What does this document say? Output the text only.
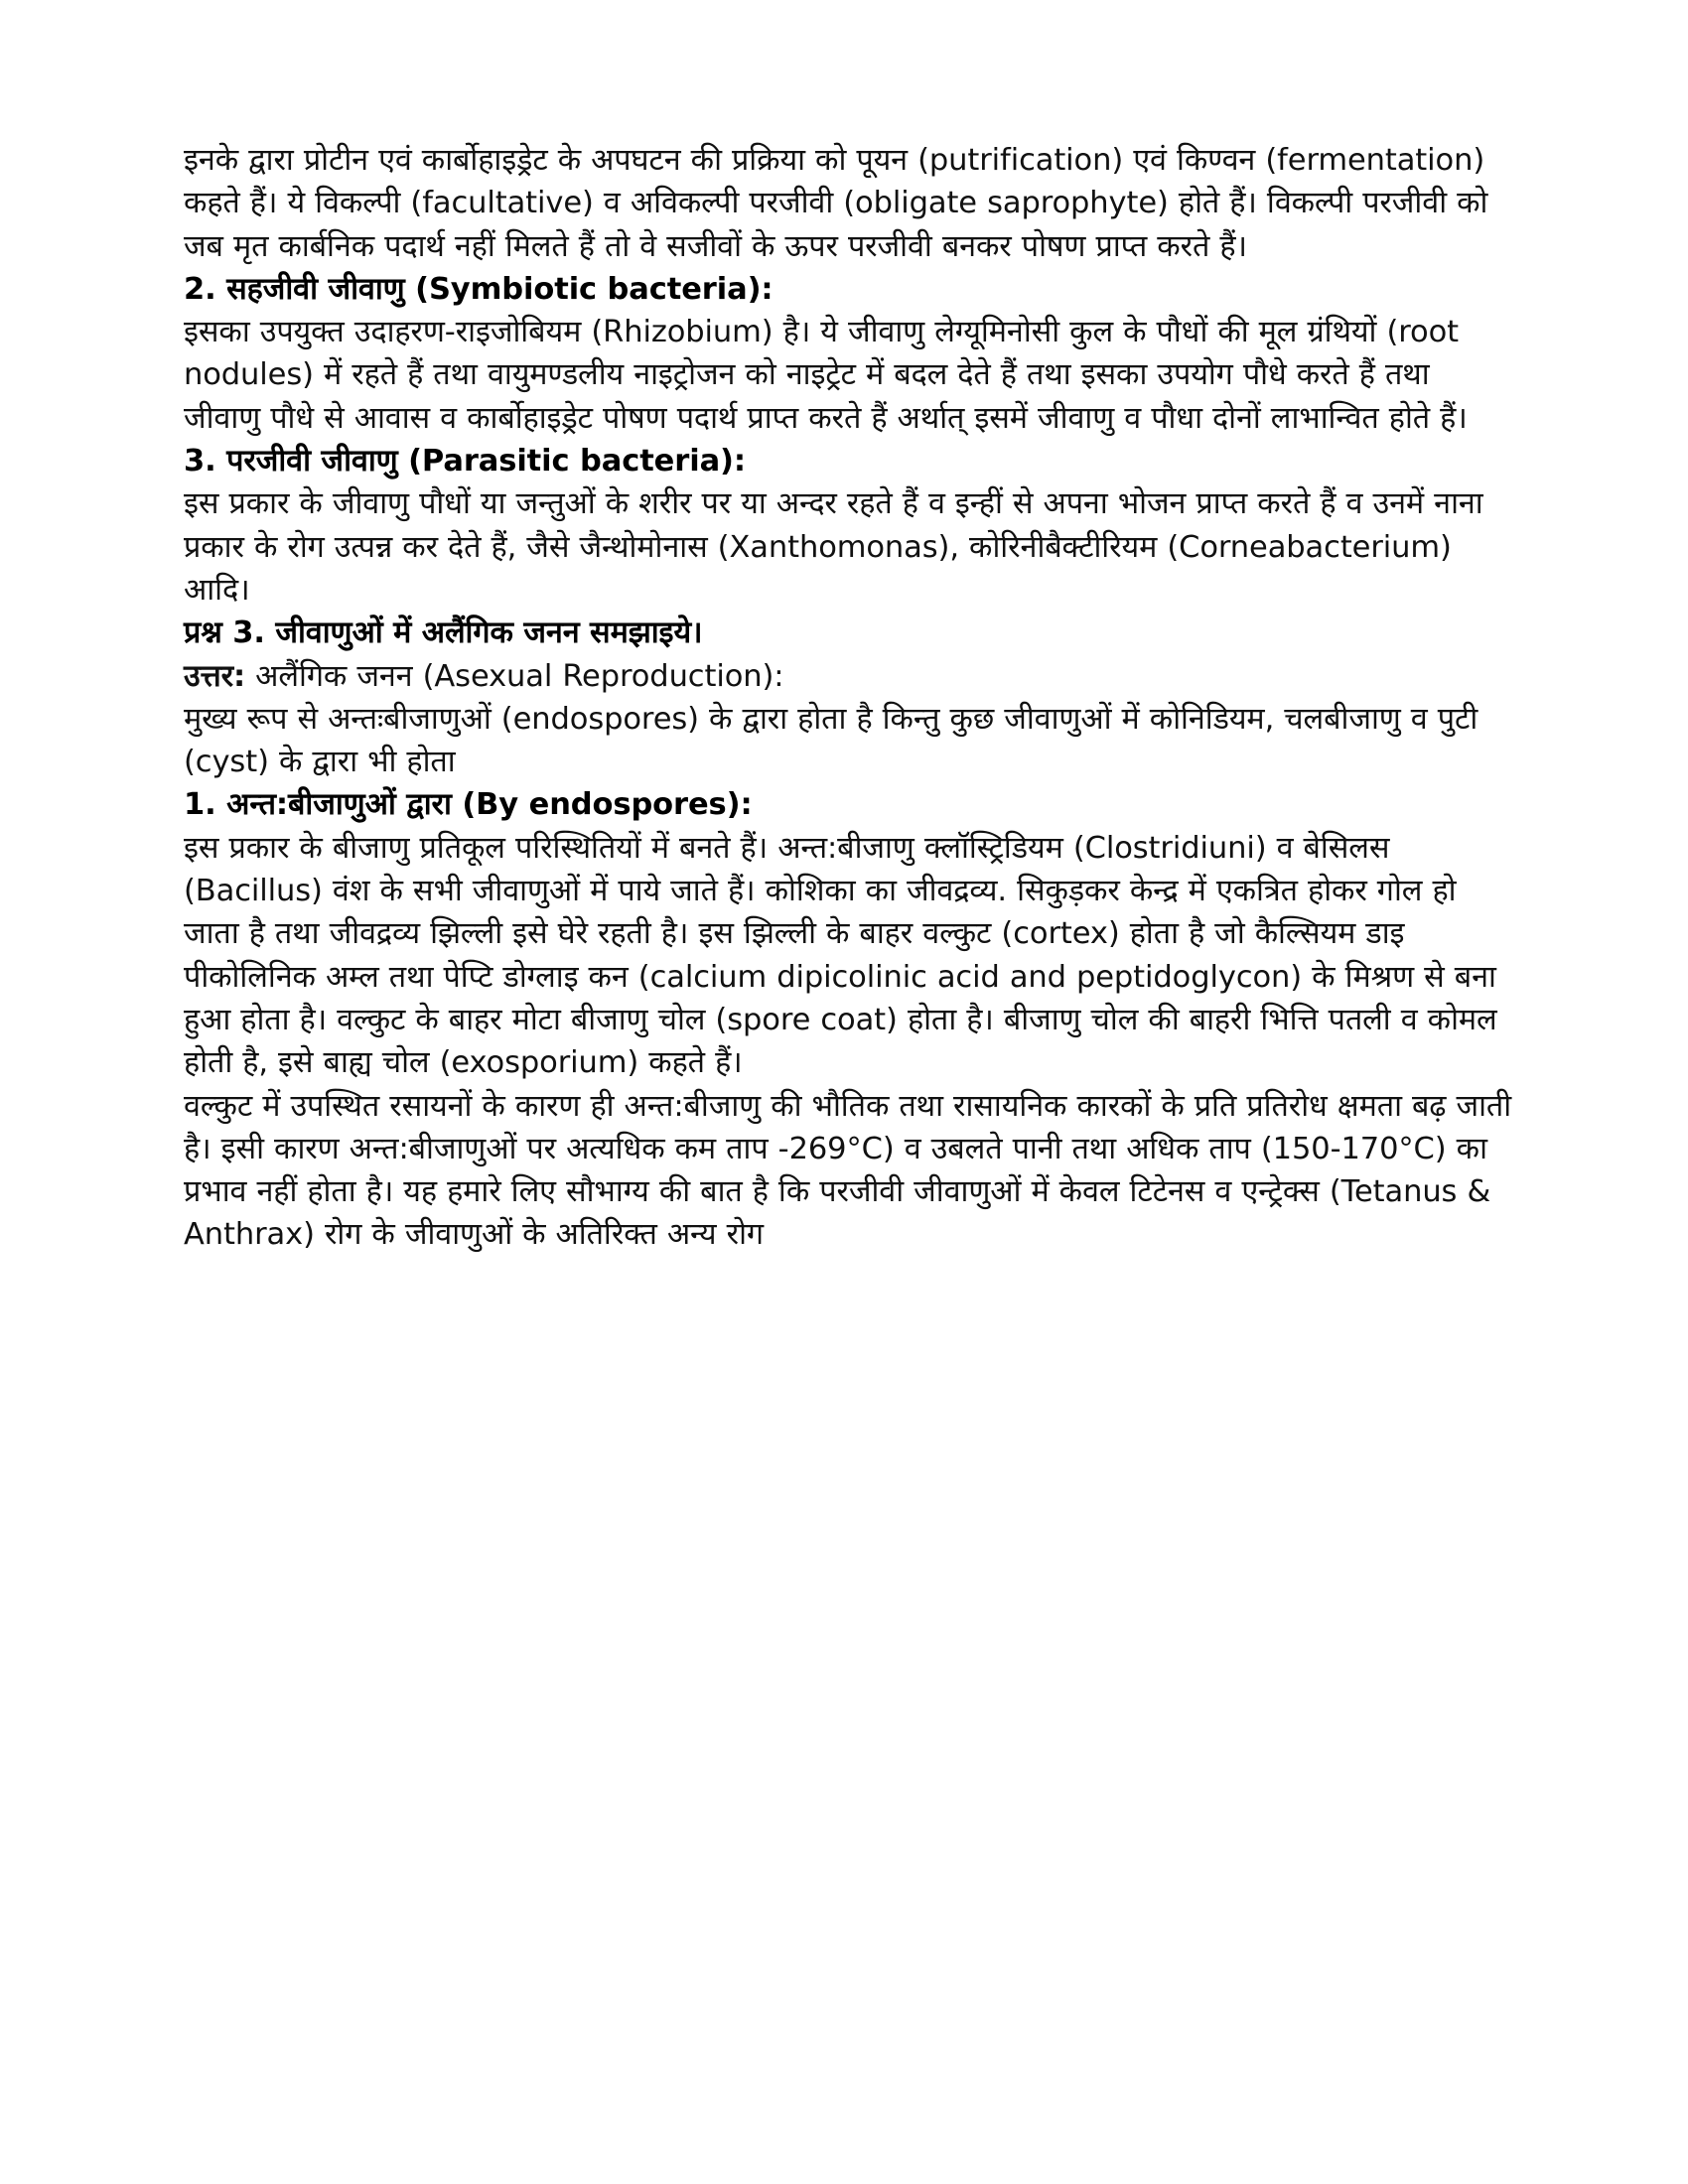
इनके द्वारा प्रोटीन एवं कार्बोहाइड्रेट के अपघटन की प्रक्रिया को पूयन (putrification) एवं किण्वन (fermentation) कहते हैं। ये विकल्पी (facultative) व अविकल्पी परजीवी (obligate saprophyte) होते हैं। विकल्पी परजीवी को जब मृत कार्बनिक पदार्थ नहीं मिलते हैं तो वे सजीवों के ऊपर परजीवी बनकर पोषण प्राप्त करते हैं।

2. सहजीवी जीवाणु (Symbiotic bacteria):

इसका उपयुक्त उदाहरण-राइजोबियम (Rhizobium) है। ये जीवाणु लेग्यूमिनोसी कुल के पौधों की मूल ग्रंथियों (root nodules) में रहते हैं तथा वायुमण्डलीय नाइट्रोजन को नाइट्रेट में बदल देते हैं तथा इसका उपयोग पौधे करते हैं तथा जीवाणु पौधे से आवास व कार्बोहाइड्रेट पोषण पदार्थ प्राप्त करते हैं अर्थात् इसमें जीवाणु व पौधा दोनों लाभान्वित होते हैं।

3. परजीवी जीवाणु (Parasitic bacteria):

इस प्रकार के जीवाणु पौधों या जन्तुओं के शरीर पर या अन्दर रहते हैं व इन्हीं से अपना भोजन प्राप्त करते हैं व उनमें नाना प्रकार के रोग उत्पन्न कर देते हैं, जैसे जैन्थोमोनास (Xanthomonas), कोरिनीबैक्टीरियम (Corneabacterium) आदि।

प्रश्न 3. जीवाणुओं में अलैंगिक जनन समझाइये।

उत्तर: अलैंगिक जनन (Asexual Reproduction):

मुख्य रूप से अन्तःबीजाणुओं (endospores) के द्वारा होता है किन्तु कुछ जीवाणुओं में कोनिडियम, चलबीजाणु व पुटी (cyst) के द्वारा भी होता

1. अन्त:बीजाणुओं द्वारा (By endospores):

इस प्रकार के बीजाणु प्रतिकूल परिस्थितियों में बनते हैं। अन्त:बीजाणु क्लॉस्ट्रिडियम (Clostridiuni) व बेसिलस (Bacillus) वंश के सभी जीवाणुओं में पाये जाते हैं। कोशिका का जीवद्रव्य. सिकुड़कर केन्द्र में एकत्रित होकर गोल हो जाता है तथा जीवद्रव्य झिल्ली इसे घेरे रहती है। इस झिल्ली के बाहर वल्कुट (cortex) होता है जो कैल्सियम डाइ पीकोलिनिक अम्ल तथा पेप्टि डोग्लाइ कन (calcium dipicolinic acid and peptidoglycon) के मिश्रण से बना हुआ होता है। वल्कुट के बाहर मोटा बीजाणु चोल (spore coat) होता है। बीजाणु चोल की बाहरी भित्ति पतली व कोमल होती है, इसे बाह्य चोल (exosporium) कहते हैं।

वल्कुट में उपस्थित रसायनों के कारण ही अन्त:बीजाणु की भौतिक तथा रासायनिक कारकों के प्रति प्रतिरोध क्षमता बढ़ जाती है। इसी कारण अन्त:बीजाणुओं पर अत्यधिक कम ताप -269°C) व उबलते पानी तथा अधिक ताप (150-170°C) का प्रभाव नहीं होता है। यह हमारे लिए सौभाग्य की बात है कि परजीवी जीवाणुओं में केवल टिटेनस व एन्ट्रेक्स (Tetanus & Anthrax) रोग के जीवाणुओं के अतिरिक्त अन्य रोग
